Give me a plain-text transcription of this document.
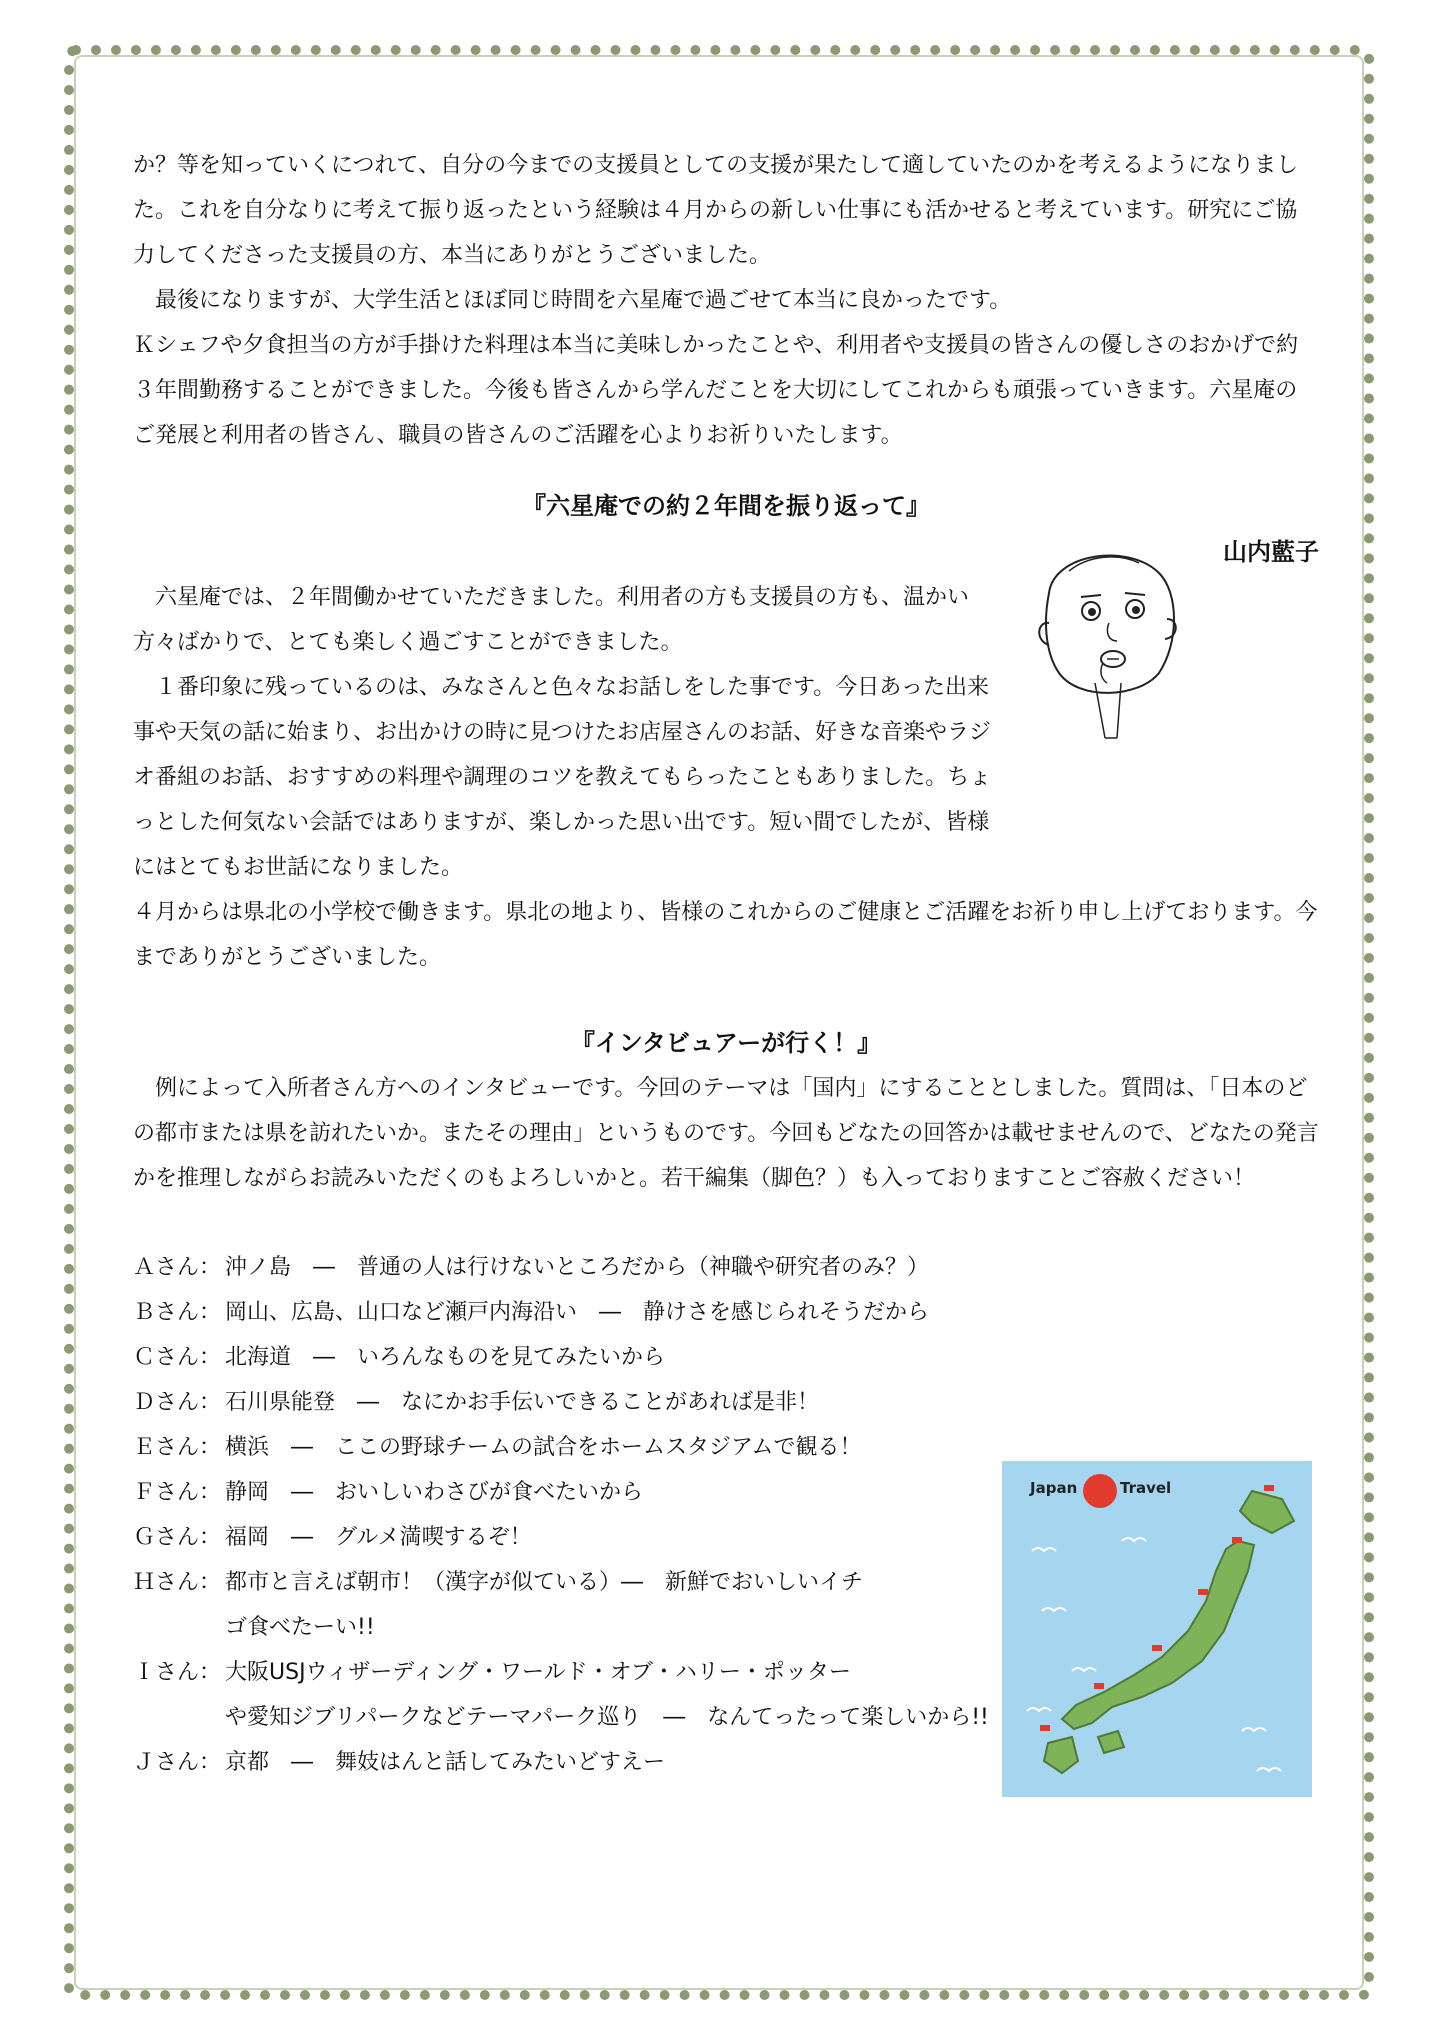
か？等を知っていくにつれて、自分の今までの支援員としての支援が果たして適していたのかを考えるようになりました。これを自分なりに考えて振り返ったという経験は４月からの新しい仕事にも活かせると考えています。研究にご協力してくださった支援員の方、本当にありがとうございました。

最後になりますが、大学生活とほぼ同じ時間を六星庵で過ごせて本当に良かったです。

Ｋシェフや夕食担当の方が手掛けた料理は本当に美味しかったことや、利用者や支援員の皆さんの優しさのおかげで約３年間勤務することができました。今後も皆さんから学んだことを大切にしてこれからも頑張っていきます。六星庵のご発展と利用者の皆さん、職員の皆さんのご活躍を心よりお祈りいたします。

『六星庵での約２年間を振り返って』
山内藍子

六星庵では、２年間働かせていただきました。利用者の方も支援員の方も、温かい方々ばかりで、とても楽しく過ごすことができました。

１番印象に残っているのは、みなさんと色々なお話しをした事です。今日あった出来事や天気の話に始まり、お出かけの時に見つけたお店屋さんのお話、好きな音楽やラジオ番組のお話、おすすめの料理や調理のコツを教えてもらったこともありました。ちょっとした何気ない会話ではありますが、楽しかった思い出です。短い間でしたが、皆様にはとてもお世話になりました。

４月からは県北の小学校で働きます。県北の地より、皆様のこれからのご健康とご活躍をお祈り申し上げております。今までありがとうございました。

『インタビュアーが行く！』

例によって入所者さん方へのインタビューです。今回のテーマは「国内」にすることとしました。質問は、「日本のどの都市または県を訪れたいか。またその理由」というものです。今回もどなたの回答かは載せませんので、どなたの発言かを推理しながらお読みいただくのもよろしいかと。若干編集（脚色？）も入っておりますことご容赦ください！

Ａさん： 沖ノ島　―　普通の人は行けないところだから（神職や研究者のみ？）
Ｂさん： 岡山、広島、山口など瀬戸内海沿い　―　静けさを感じられそうだから
Ｃさん： 北海道　―　いろんなものを見てみたいから
Ｄさん： 石川県能登　―　なにかお手伝いできることがあれば是非！
Ｅさん： 横浜　―　ここの野球チームの試合をホームスタジアムで観る！
Ｆさん： 静岡　―　おいしいわさびが食べたいから
Ｇさん： 福岡　―　グルメ満喫するぞ！
Ｈさん： 都市と言えば朝市！（漢字が似ている）―　新鮮でおいしいイチ
ゴ食べたーい!!
Ｉさん： 大阪USJウィザーディング・ワールド・オブ・ハリー・ポッター
や愛知ジブリパークなどテーマパーク巡り　―　なんてったって楽しいから!!
Ｊさん： 京都　―　舞妓はんと話してみたいどすえー
Japan	Travel
